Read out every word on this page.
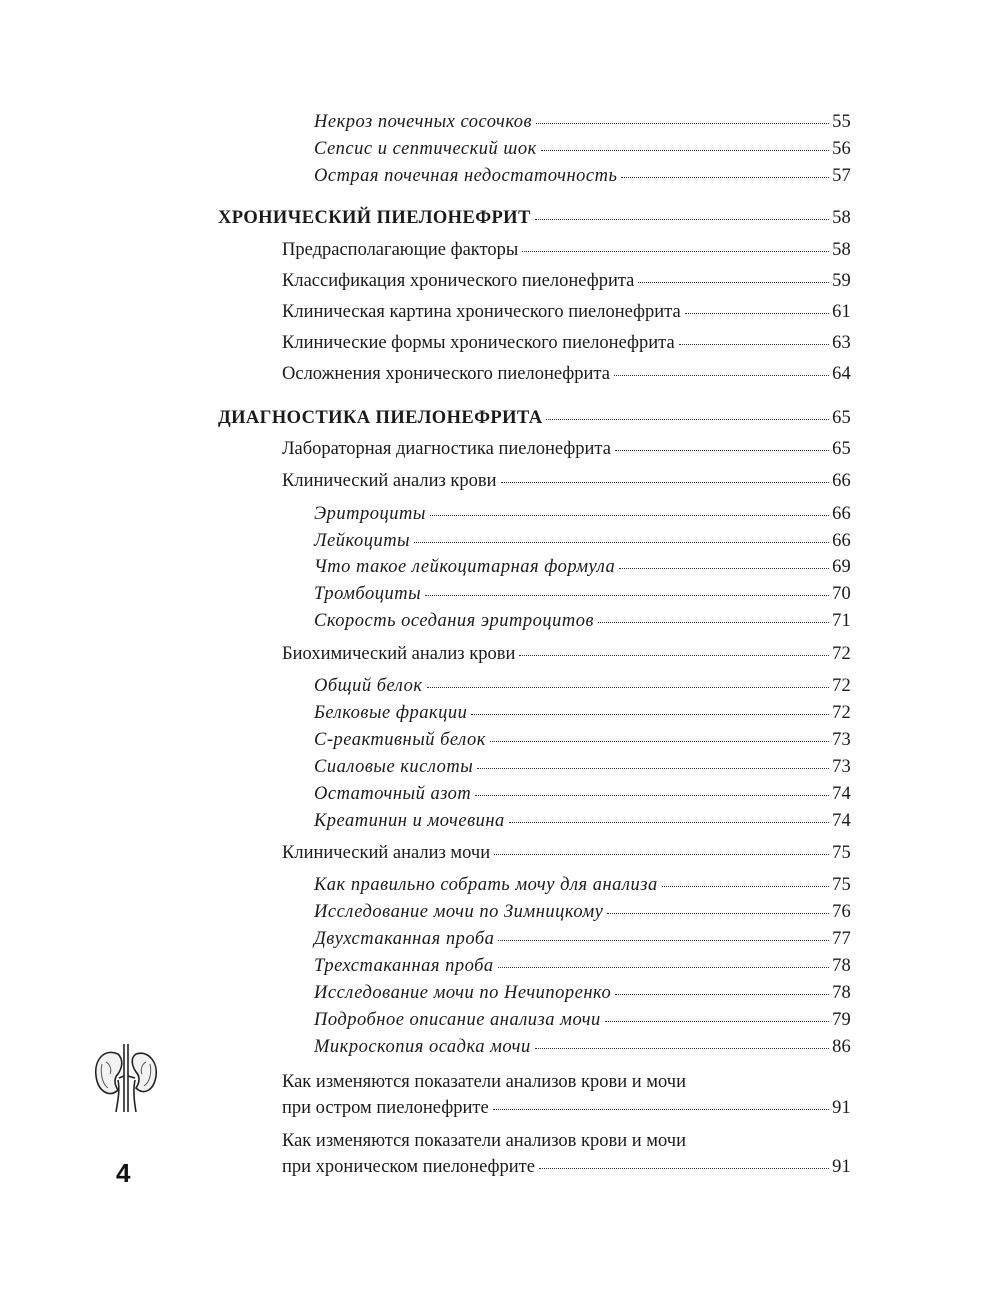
Некроз почечных сосочков	55
Сепсис и септический шок	56
Острая почечная недостаточность	57
ХРОНИЧЕСКИЙ ПИЕЛОНЕФРИТ	58
Предрасполагающие факторы	58
Классификация хронического пиелонефрита	59
Клиническая картина хронического пиелонефрита	61
Клинические формы хронического пиелонефрита	63
Осложнения хронического пиелонефрита	64
ДИАГНОСТИКА ПИЕЛОНЕФРИТА	65
Лабораторная диагностика пиелонефрита	65
Клинический анализ крови	66
Эритроциты	66
Лейкоциты	66
Что такое лейкоцитарная формула	69
Тромбоциты	70
Скорость оседания эритроцитов	71
Биохимический анализ крови	72
Общий белок	72
Белковые фракции	72
С-реактивный белок	73
Сиаловые кислоты	73
Остаточный азот	74
Креатинин и мочевина	74
Клинический анализ мочи	75
Как правильно собрать мочу для анализа	75
Исследование мочи по Зимницкому	76
Двухстаканная проба	77
Трехстаканная проба	78
Исследование мочи по Нечипоренко	78
Подробное описание анализа мочи	79
Микроскопия осадка мочи	86
Как изменяются показатели анализов крови и мочи
при остром пиелонефрите	91
Как изменяются показатели анализов крови и мочи
при хроническом пиелонефрите	91
4
